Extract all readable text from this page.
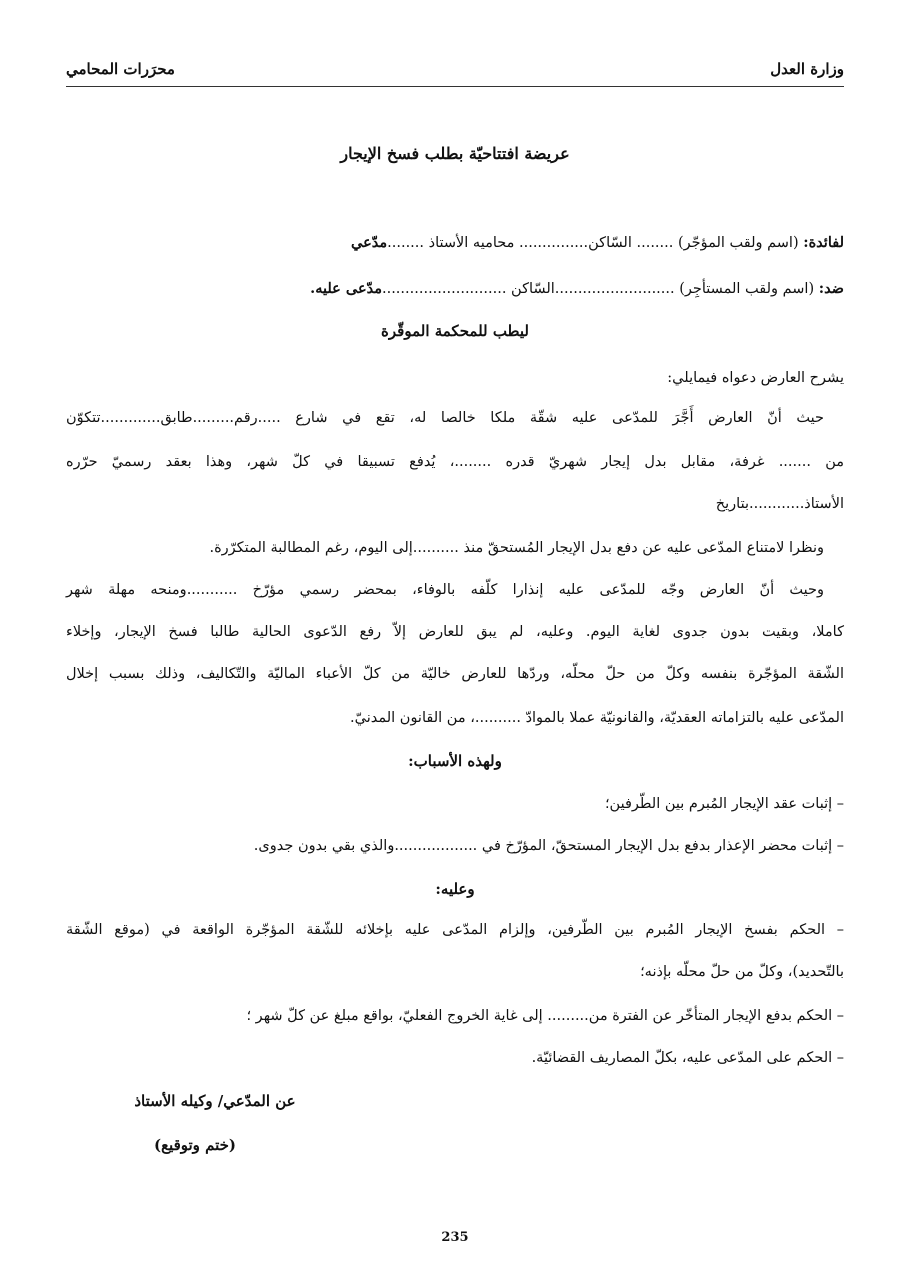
وزارة العدل
محرَرات المحامي
عريضة افتتاحيّة بطلب فسخ الإيجار
لفائدة: (اسم ولقب المؤجّر) ........ السّاكن............... محاميه الأستاذ ........مدّعي
ضد: (اسم ولقب المستأجِر) ..........................السّاكن ...........................مدّعى عليه.
ليطب للمحكمة الموقّرة
يشرح العارض دعواه فيمايلي:
حيث أنّ العارض أَجَّرَ للمدّعى عليه شقّة ملكا خالصا له، تقع في شارع .....رقم.........طابق.............تتكوّن
من ....... غرفة، مقابل بدل إيجار شهريّ قدره ........، يُدفع تسبيقا في كلّ شهر، وهذا بعقد رسميّ حرّره
الأستاذ............بتاريخ
ونظرا لامتناع المدّعى عليه عن دفع بدل الإيجار المُستحقّ منذ ..........إلى اليوم، رغم المطالبة المتكرّرة.
وحيث أنّ العارض وجّه للمدّعى عليه إنذارا كلّفه بالوفاء، بمحضر رسمي مؤرّخ ...........ومنحه مهلة شهر
كاملا، وبقيت بدون جدوى لغاية اليوم. وعليه، لم يبق للعارض إلاّ رفع الدّعوى الحالية طالبا فسخ الإيجار، وإخلاء
الشّقة المؤجّرة بنفسه وكلّ من حلّ محلّه، وردّها للعارض خاليّة من كلّ الأعباء الماليّة والتّكاليف، وذلك بسبب إخلال
المدّعى عليه بالتزاماته العقديّة، والقانونيّة عملا بالموادّ ..........، من القانون المدنيّ.
ولهذه الأسباب:
– إثبات عقد الإيجار المُبرم بين الطّرفين؛
– إثبات محضر الإعذار بدفع بدل الإيجار المستحقّ، المؤرّخ في ..................والذي بقي بدون جدوى.
وعليه:
– الحكم بفسخ الإيجار المُبرم بين الطّرفين، وإلزام المدّعى عليه بإخلائه للشّقة المؤجّرة الواقعة في (موقع الشّقة
بالتّحديد)، وكلّ من حلّ محلّه بإذنه؛
– الحكم بدفع الإيجار المتأخّر عن الفترة من......... إلى غاية الخروج الفعليّ، بواقع مبلغ عن كلّ شهر ؛
– الحكم على المدّعى عليه، بكلّ المصاريف القضائيّة.
عن المدّعي/ وكيله الأستاذ
(ختم وتوقيع)
235
